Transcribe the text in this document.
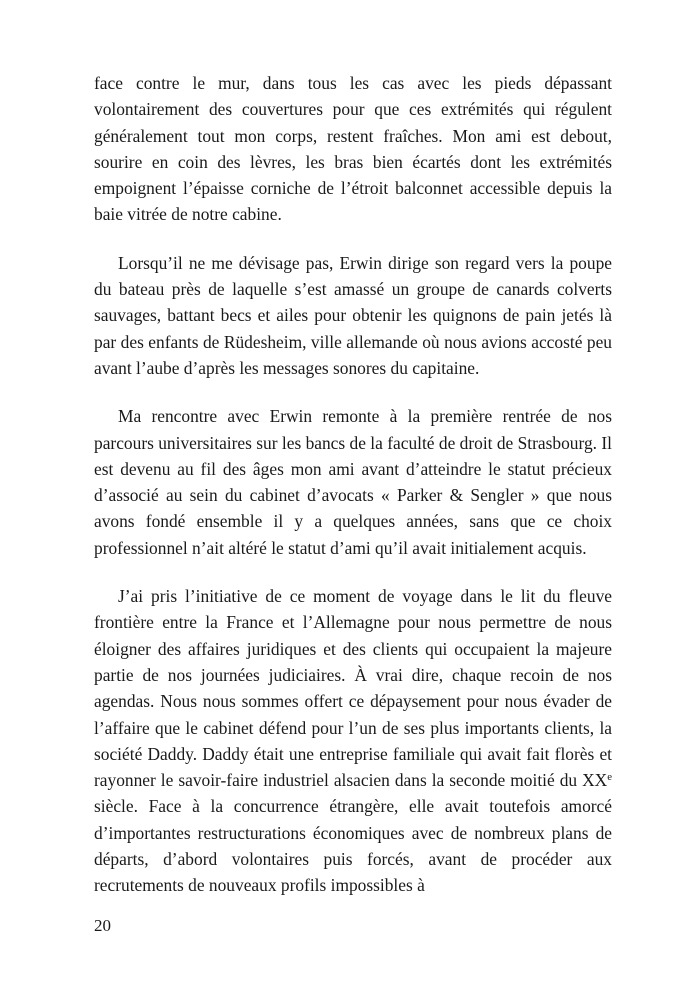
face contre le mur, dans tous les cas avec les pieds dépassant volontairement des couvertures pour que ces extrémités qui régulent généralement tout mon corps, restent fraîches. Mon ami est debout, sourire en coin des lèvres, les bras bien écartés dont les extrémités empoignent l’épaisse corniche de l’étroit balconnet accessible depuis la baie vitrée de notre cabine.

Lorsqu’il ne me dévisage pas, Erwin dirige son regard vers la poupe du bateau près de laquelle s’est amassé un groupe de canards colverts sauvages, battant becs et ailes pour obtenir les quignons de pain jetés là par des enfants de Rüdesheim, ville allemande où nous avions accosté peu avant l’aube d’après les messages sonores du capitaine.

Ma rencontre avec Erwin remonte à la première rentrée de nos parcours universitaires sur les bancs de la faculté de droit de Strasbourg. Il est devenu au fil des âges mon ami avant d’atteindre le statut précieux d’associé au sein du cabinet d’avocats « Parker & Sengler » que nous avons fondé ensemble il y a quelques années, sans que ce choix professionnel n’ait altéré le statut d’ami qu’il avait initialement acquis.

J’ai pris l’initiative de ce moment de voyage dans le lit du fleuve frontière entre la France et l’Allemagne pour nous permettre de nous éloigner des affaires juridiques et des clients qui occupaient la majeure partie de nos journées judiciaires. À vrai dire, chaque recoin de nos agendas. Nous nous sommes offert ce dépaysement pour nous évader de l’affaire que le cabinet défend pour l’un de ses plus importants clients, la société Daddy. Daddy était une entreprise familiale qui avait fait florès et rayonner le savoir-faire industriel alsacien dans la seconde moitié du XXe siècle. Face à la concurrence étrangère, elle avait toutefois amorcé d’importantes restructurations économiques avec de nombreux plans de départs, d’abord volontaires puis forcés, avant de procéder aux recrutements de nouveaux profils impossibles à

20
